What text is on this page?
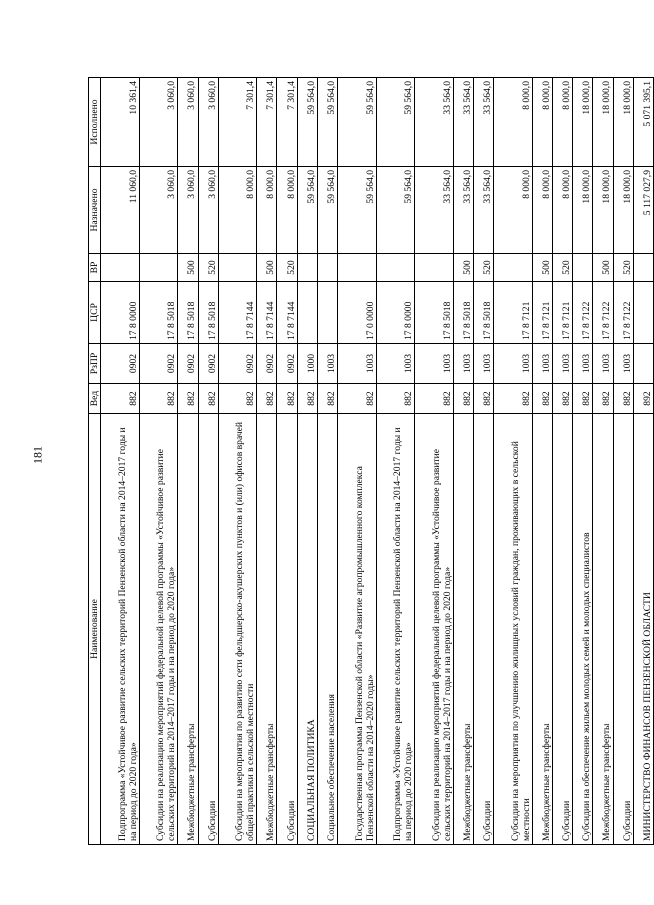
181
Наименование	Вед	РзПР	ЦСР	ВР	Назначено	Исполнено
Подпрограмма «Устойчивое развитие сельских территорий Пензенской области на 2014–2017 годы и на период до 2020 года»	882	0902	17 8 0000		11 060,0	10 361,4
Субсидии на реализацию мероприятий федеральной целевой программы «Устойчивое развитие сельских территорий на 2014–2017 годы и на период до 2020 года»	882	0902	17 8 5018		3 060,0	3 060,0
Межбюджетные трансферты	882	0902	17 8 5018	500	3 060,0	3 060,0
Субсидии	882	0902	17 8 5018	520	3 060,0	3 060,0
Субсидии на мероприятия по развитию сети фельдшерско-акушерских пунктов и (или) офисов врачей общей практики в сельской местности	882	0902	17 8 7144		8 000,0	7 301,4
Межбюджетные трансферты	882	0902	17 8 7144	500	8 000,0	7 301,4
Субсидии	882	0902	17 8 7144	520	8 000,0	7 301,4
СОЦИАЛЬНАЯ ПОЛИТИКА	882	1000			59 564,0	59 564,0
Социальное обеспечение населения	882	1003			59 564,0	59 564,0
Государственная программа Пензенской области «Развитие агропромышленного комплекса Пензенской области на 2014–2020 годы»	882	1003	17 0 0000		59 564,0	59 564,0
Подпрограмма «Устойчивое развитие сельских территорий Пензенской области на 2014–2017 годы и на период до 2020 года»	882	1003	17 8 0000		59 564,0	59 564,0
Субсидии на реализацию мероприятий федеральной целевой программы «Устойчивое развитие сельских территорий на 2014–2017 годы и на период до 2020 года»	882	1003	17 8 5018		33 564,0	33 564,0
Межбюджетные трансферты	882	1003	17 8 5018	500	33 564,0	33 564,0
Субсидии	882	1003	17 8 5018	520	33 564,0	33 564,0
Субсидии на мероприятия по улучшению жилищных условий граждан, проживающих в сельской местности	882	1003	17 8 7121		8 000,0	8 000,0
Межбюджетные трансферты	882	1003	17 8 7121	500	8 000,0	8 000,0
Субсидии	882	1003	17 8 7121	520	8 000,0	8 000,0
Субсидии на обеспечение жильем молодых семей и молодых специалистов	882	1003	17 8 7122		18 000,0	18 000,0
Межбюджетные трансферты	882	1003	17 8 7122	500	18 000,0	18 000,0
Субсидии	882	1003	17 8 7122	520	18 000,0	18 000,0
МИНИСТЕРСТВО ФИНАНСОВ ПЕНЗЕНСКОЙ ОБЛАСТИ	892				5 117 027,9	5 071 395,1
